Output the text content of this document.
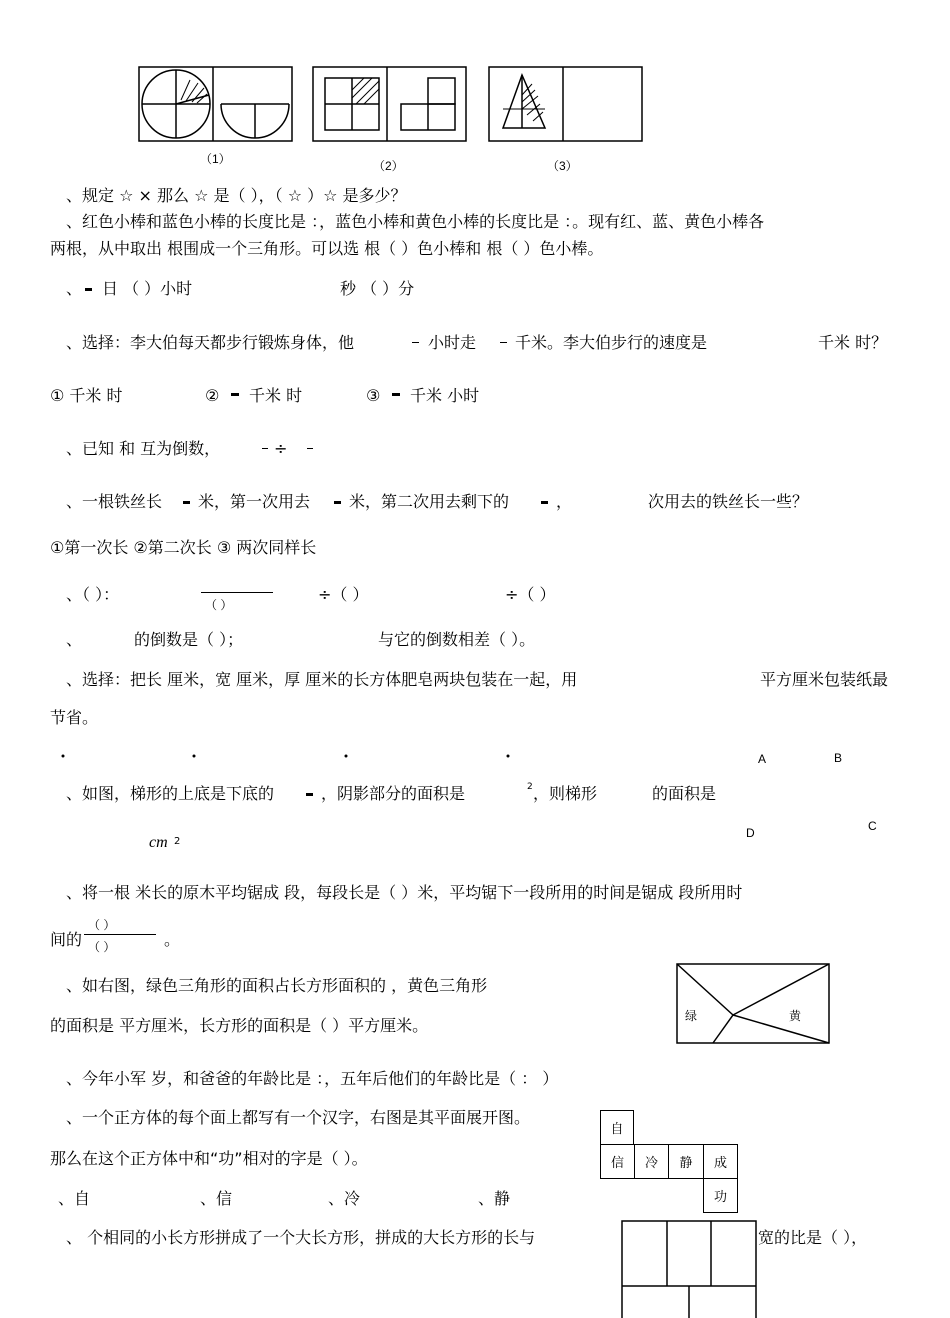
（1）	（2）	（3）
、规定 ☆ × 那么 ☆ 是（ ），（ ☆ ）☆ 是多少？
、红色小棒和蓝色小棒的长度比是 ：，蓝色小棒和黄色小棒的长度比是 ：。现有红、蓝、黄色小棒各
两根，从中取出 根围成一个三角形。可以选 根（ ）色小棒和 根（ ）色小棒。
、 日 （ ）小时	秒 （ ）分
、选择：李大伯每天都步行锻炼身体，他	小时走 千米。李大伯步行的速度是	千米 时？
① 千米 时	② 千米 时	③ 千米 小时
、已知 和 互为倒数，	÷
、一根铁丝长 米，第一次用去 米，第二次用去剩下的	，	次用去的铁丝长一些？
①第一次长 ②第二次长 ③ 两次同样长
、（ ）：
（ ）
÷（ ）	÷（ ）
、	的倒数是（ ）；	与它的倒数相差（ ）。
、选择：把长 厘米，宽 厘米，厚 厘米的长方体肥皂两块包装在一起，用	平方厘米包装纸最
节省。
A	B
、如图，梯形的上底是下底的	，阴影部分的面积是	2 ，则梯形	的面积是
D	C
cm 2
、将一根 米长的原木平均锯成 段，每段长是（ ）米，平均锯下一段所用的时间是锯成 段所用时
间的
（ ）
（ ）	。
、如右图，绿色三角形的面积占长方形面积的 ，黄色三角形
的面积是 平方厘米，长方形的面积是（ ）平方厘米。	绿	黄
、今年小军 岁，和爸爸的年龄比是 ：，五年后他们的年龄比是（ ： ）
、一个正方体的每个面上都写有一个汉字，右图是其平面展开图。
那么在这个正方体中和“功”相对的字是（ ）。
、自	、信	、冷	、静
自
信	冷	静	成
功
、 个相同的小长方形拼成了一个大长方形，拼成的大长方形的长与	宽的比是（ ），
